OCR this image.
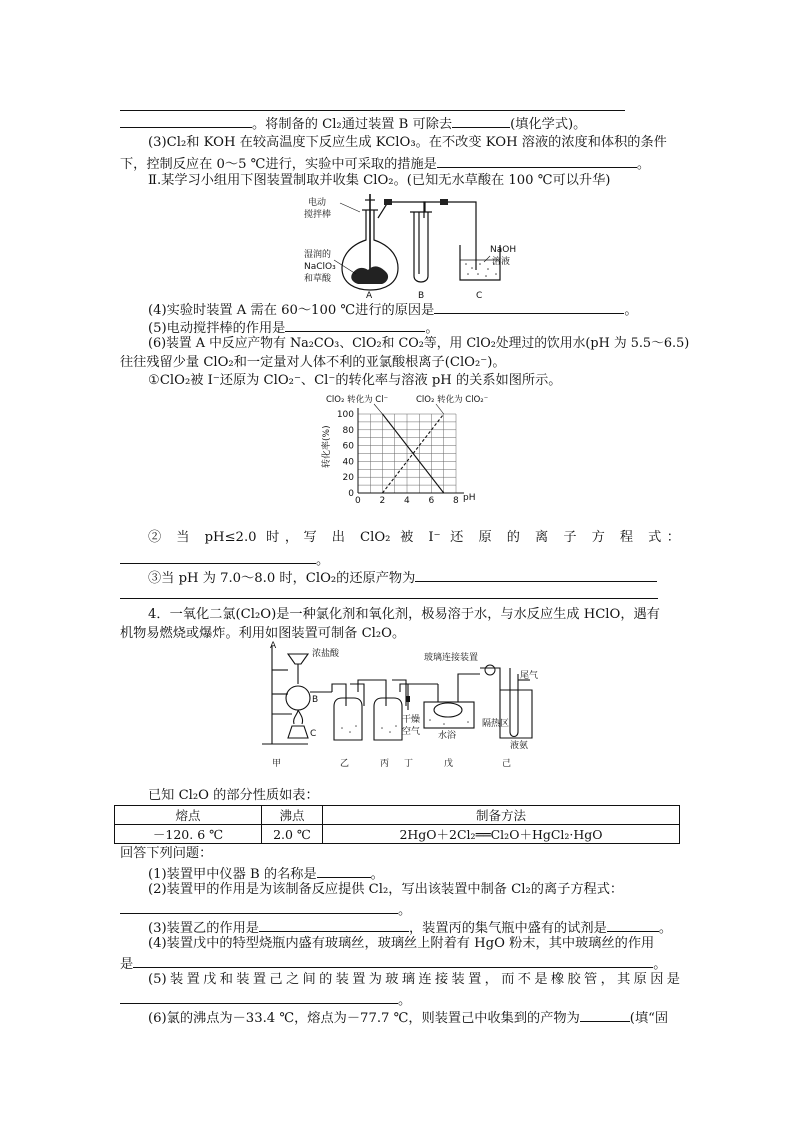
。将制备的 Cl₂通过装置 B 可除去	(填化学式)。
(3)Cl₂和 KOH 在较高温度下反应生成 KClO₃。在不改变 KOH 溶液的浓度和体积的条件
下，控制反应在 0～5 ℃进行，实验中可采取的措施是	。
Ⅱ.某学习小组用下图装置制取并收集 ClO₂。(已知无水草酸在 100 ℃可以升华)
电动
搅拌棒
湿润的
NaClO₃
和草酸
NaOH
溶液
A	B	C
(4)实验时装置 A 需在 60～100 ℃进行的原因是	。
(5)电动搅拌棒的作用是	。
(6)装置 A 中反应产物有 Na₂CO₃、ClO₂和 CO₂等，用 ClO₂处理过的饮用水(pH 为 5.5～6.5)
往往残留少量 ClO₂和一定量对人体不利的亚氯酸根离子(ClO₂⁻)。
①ClO₂被 I⁻还原为 ClO₂⁻、Cl⁻的转化率与溶液 pH 的关系如图所示。
0 2 4 6 8
0
20
40
60
80
100
转化率(%)
pH
ClO₂ 转化为 Cl⁻	ClO₂ 转化为 ClO₂⁻
② 当 pH≤2.0 时，写 出 ClO₂ 被 I⁻ 还 原 的 离 子 方 程 式：
。
③当 pH 为 7.0～8.0 时，ClO₂的还原产物为
4．一氧化二氯(Cl₂O)是一种氯化剂和氧化剂，极易溶于水，与水反应生成 HClO，遇有
机物易燃烧或爆炸。利用如图装置可制备 Cl₂O。
A
B
C
浓盐酸	玻璃连接装置
尾气
干燥
空气 水浴
隔热区
液氨
甲	乙	丙 丁	戊	己
已知 Cl₂O 的部分性质如表：
熔点	沸点	制备方法
－120. 6 ℃	2.0 ℃	2HgO＋2Cl₂══Cl₂O＋HgCl₂·HgO
回答下列问题：
(1)装置甲中仪器 B 的名称是	。
(2)装置甲的作用是为该制备反应提供 Cl₂，写出该装置中制备 Cl₂的离子方程式：
。
(3)装置乙的作用是	，装置丙的集气瓶中盛有的试剂是	。
(4)装置戊中的特型烧瓶内盛有玻璃丝，玻璃丝上附着有 HgO 粉末，其中玻璃丝的作用
是	。
(5)装置戊和装置己之间的装置为玻璃连接装置，而不是橡胶管，其原因是
。
(6)氯的沸点为－33.4 ℃，熔点为－77.7 ℃，则装置己中收集到的产物为	(填“固
